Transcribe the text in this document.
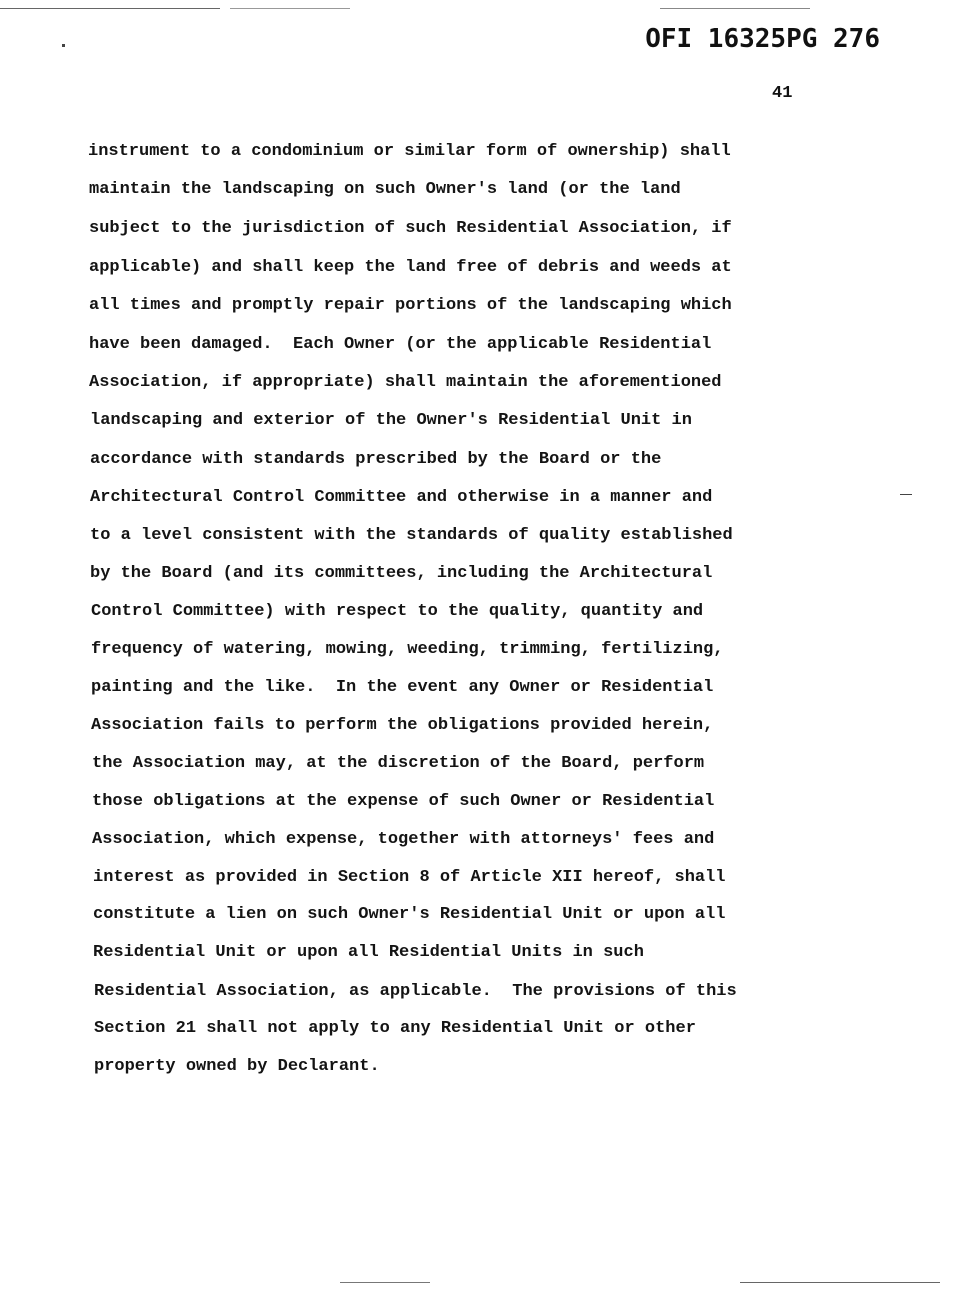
OFI 16325PG 276
41
instrument to a condominium or similar form of ownership) shall
maintain the landscaping on such Owner's land (or the land
subject to the jurisdiction of such Residential Association, if
applicable) and shall keep the land free of debris and weeds at
all times and promptly repair portions of the landscaping which
have been damaged.  Each Owner (or the applicable Residential
Association, if appropriate) shall maintain the aforementioned
landscaping and exterior of the Owner's Residential Unit in
accordance with standards prescribed by the Board or the
Architectural Control Committee and otherwise in a manner and
to a level consistent with the standards of quality established
by the Board (and its committees, including the Architectural
Control Committee) with respect to the quality, quantity and
frequency of watering, mowing, weeding, trimming, fertilizing,
painting and the like.  In the event any Owner or Residential
Association fails to perform the obligations provided herein,
the Association may, at the discretion of the Board, perform
those obligations at the expense of such Owner or Residential
Association, which expense, together with attorneys' fees and
interest as provided in Section 8 of Article XII hereof, shall
constitute a lien on such Owner's Residential Unit or upon all
Residential Unit or upon all Residential Units in such
Residential Association, as applicable.  The provisions of this
Section 21 shall not apply to any Residential Unit or other
property owned by Declarant.
